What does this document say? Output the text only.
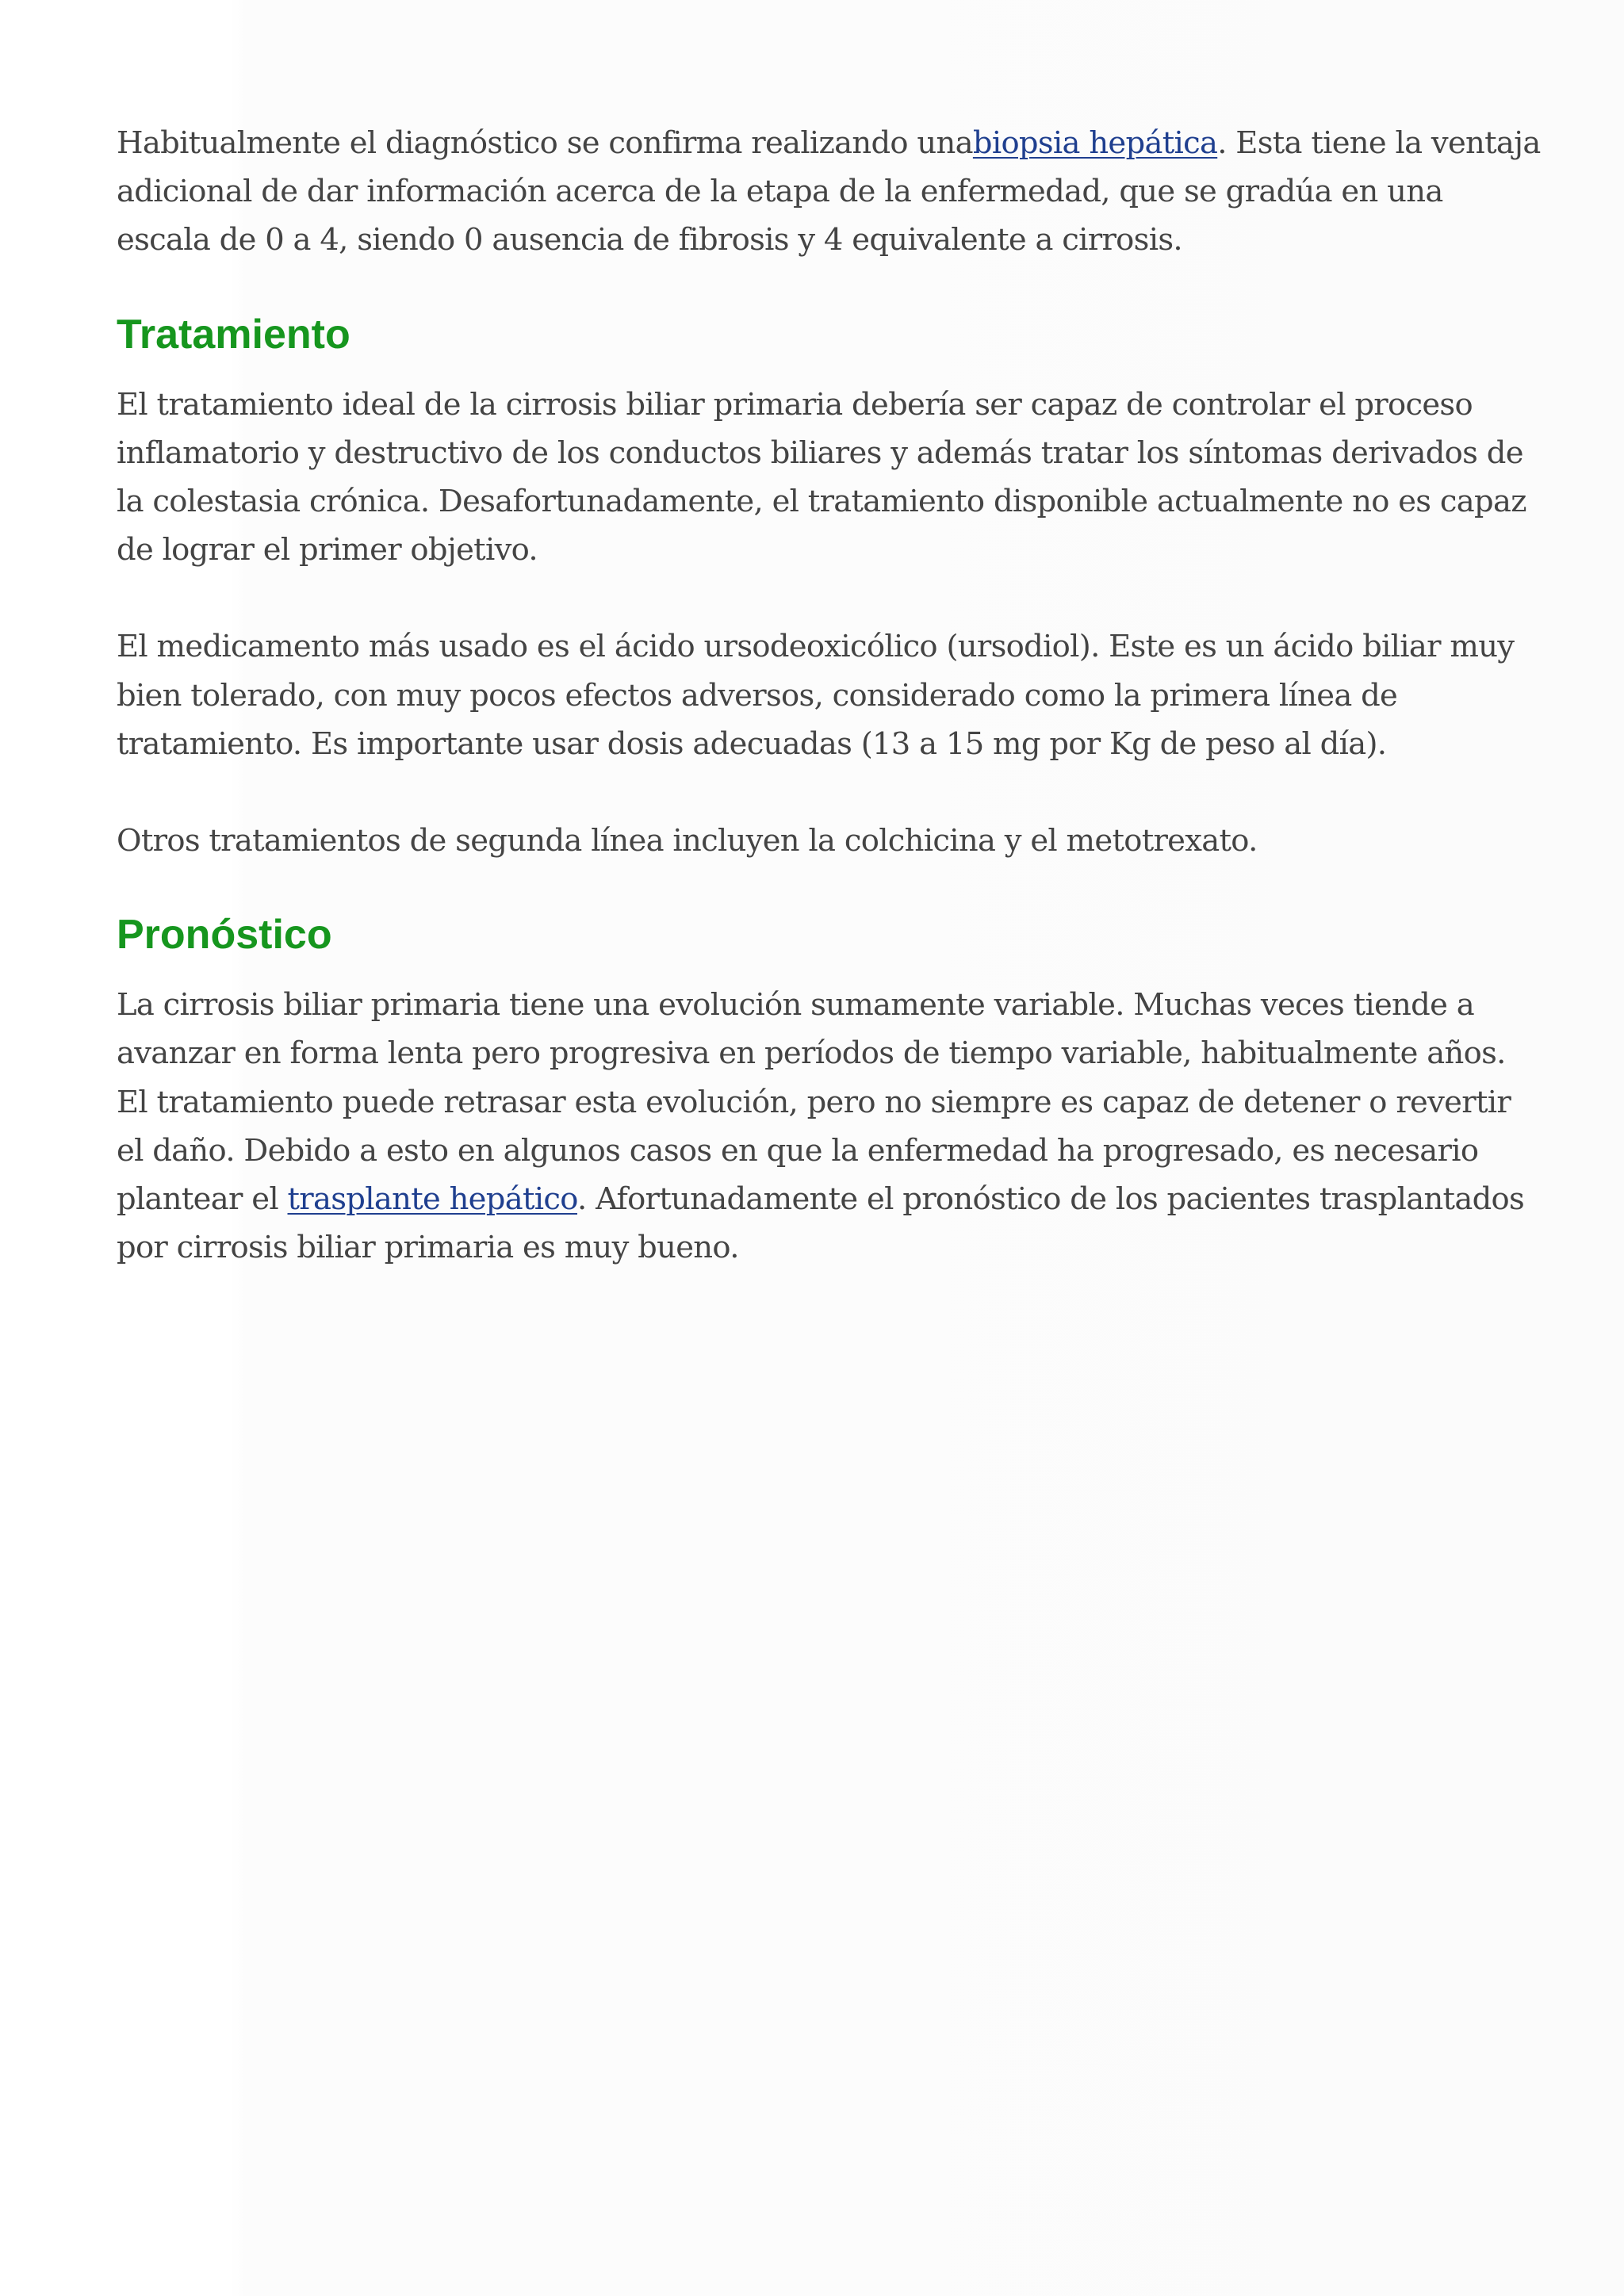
Habitualmente el diagnóstico se confirma realizando unabiopsia hepática. Esta tiene la ventaja adicional de dar información acerca de la etapa de la enfermedad, que se gradúa en una escala de 0 a 4, siendo 0 ausencia de fibrosis y 4 equivalente a cirrosis.

Tratamiento

El tratamiento ideal de la cirrosis biliar primaria debería ser capaz de controlar el proceso inflamatorio y destructivo de los conductos biliares y además tratar los síntomas derivados de la colestasia crónica. Desafortunadamente, el tratamiento disponible actualmente no es capaz de lograr el primer objetivo.

El medicamento más usado es el ácido ursodeoxicólico (ursodiol). Este es un ácido biliar muy bien tolerado, con muy pocos efectos adversos, considerado como la primera línea de tratamiento. Es importante usar dosis adecuadas (13 a 15 mg por Kg de peso al día).

Otros tratamientos de segunda línea incluyen la colchicina y el metotrexato.

Pronóstico

La cirrosis biliar primaria tiene una evolución sumamente variable. Muchas veces tiende a avanzar en forma lenta pero progresiva en períodos de tiempo variable, habitualmente años. El tratamiento puede retrasar esta evolución, pero no siempre es capaz de detener o revertir el daño. Debido a esto en algunos casos en que la enfermedad ha progresado, es necesario plantear el trasplante hepático. Afortunadamente el pronóstico de los pacientes trasplantados por cirrosis biliar primaria es muy bueno.
